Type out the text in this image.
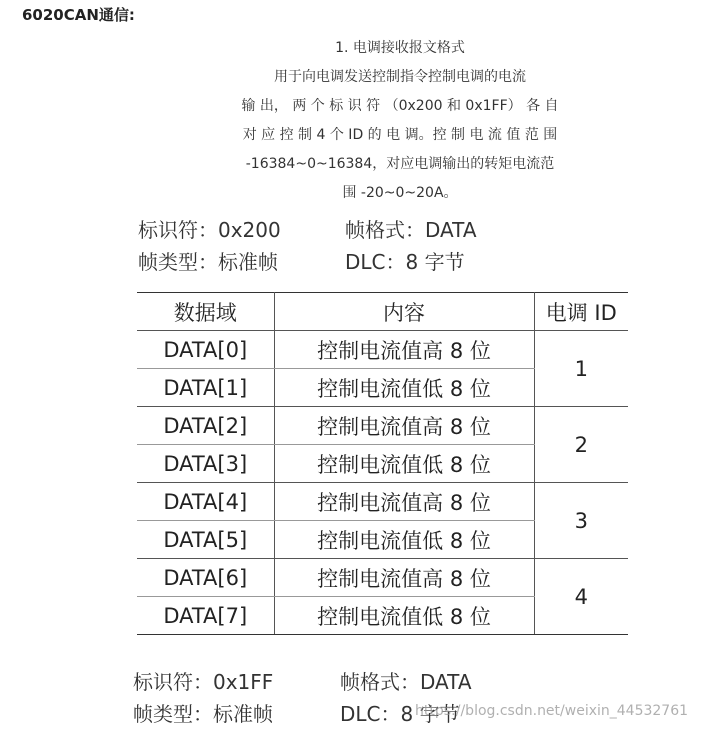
6020CAN通信:
1. 电调接收报文格式
用于向电调发送控制指令控制电调的电流
输 出， 两 个 标 识 符 （0x200 和 0x1FF） 各 自
对 应 控 制 4 个 ID 的 电 调。控 制 电 流 值 范 围
-16384~0~16384，对应电调输出的转矩电流范
围 -20~0~20A。
标识符：0x200	帧格式：DATA
帧类型：标准帧	DLC：8 字节
数据域	内容	电调 ID
DATA[0]	控制电流值高 8 位	1
DATA[1]	控制电流值低 8 位	
DATA[2]	控制电流值高 8 位	2
DATA[3]	控制电流值低 8 位	
DATA[4]	控制电流值高 8 位	3
DATA[5]	控制电流值低 8 位	
DATA[6]	控制电流值高 8 位	4
DATA[7]	控制电流值低 8 位	
标识符：0x1FF	帧格式：DATA
帧类型：标准帧	DLC：8 字节
https://blog.csdn.net/weixin_44532761
